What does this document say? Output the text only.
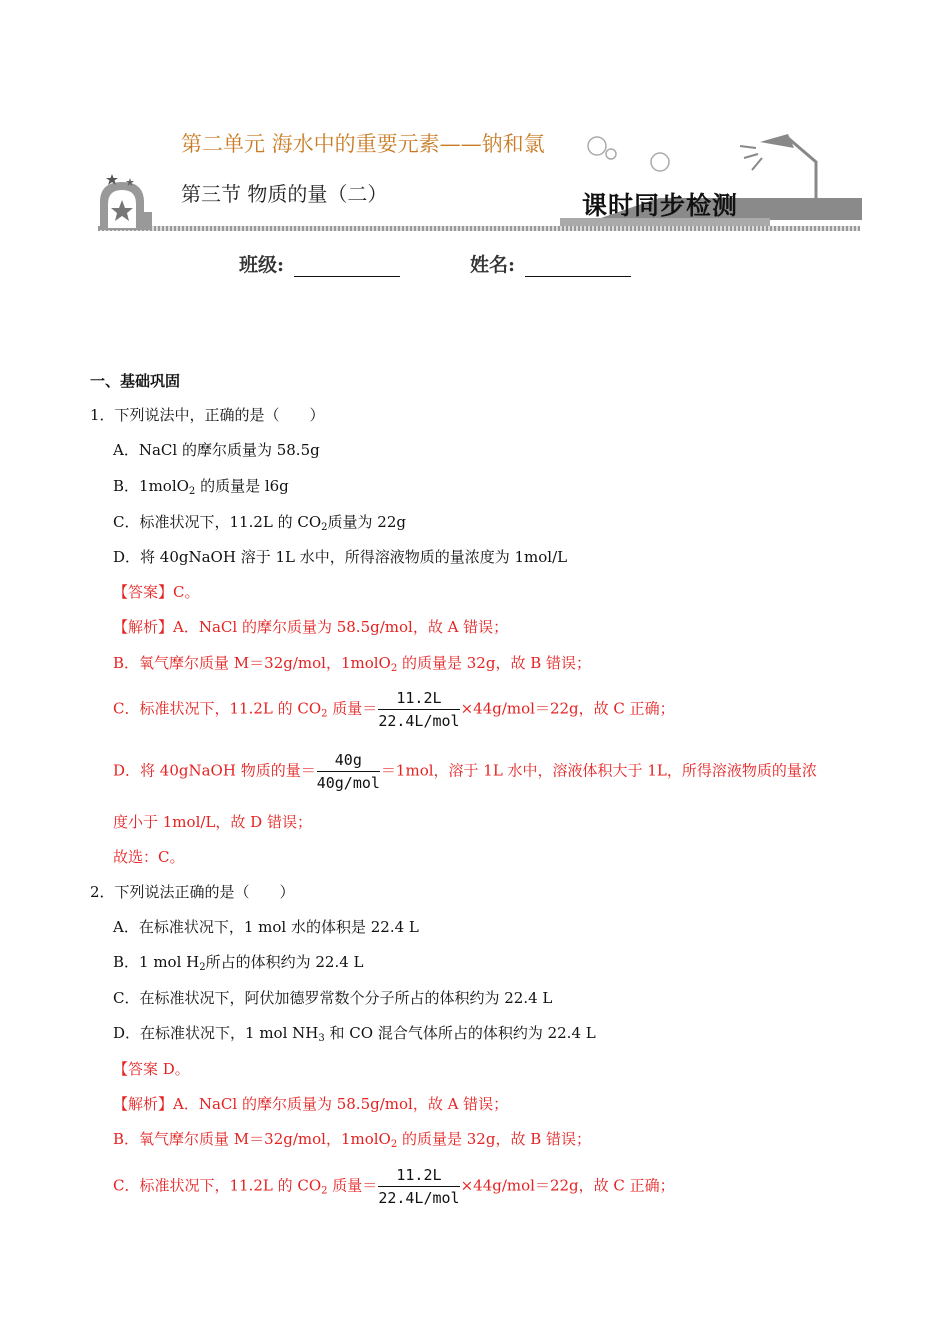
第二单元 海水中的重要元素——钠和氯
第三节 物质的量（二）	课时同步检测
班级:	姓名:
一、基础巩固
1．下列说法中，正确的是（　　）
A．NaCl 的摩尔质量为 58.5g
B．1molO$_2$ 的质量是 l6g
C．标准状况下，11.2L 的 $CO_2$质量为 22g
D．将 40gNaOH 溶于 1L 水中，所得溶液物质的量浓度为 1mol/L
【答案】C。
【解析】A．NaCl 的摩尔质量为 58.5g/mol，故 A 错误；
B．氧气摩尔质量 M＝32g/mol，1molO$_2$ 的质量是 32g，故 B 错误；
C．标准状况下，11.2L 的 $CO_2$ 质量＝ $\frac{11.2L}{\text{22.4L/mol}} \times 44g/mol=22g$，故 C 正确；
D．将 40gNaOH 物质的量＝ $\frac{40g}{\text{40g/mol}} =1mol$，溶于 1L 水中，溶液体积大于 1L，所得溶液物质的量浓
度小于 1mol/L，故 D 错误；
故选：C。
2．下列说法正确的是（　　）
A．在标准状况下，1 mol 水的体积是 22.4 L
B．1 mol $H_2$所占的体积约为 22.4 L
C．在标准状况下，阿伏加德罗常数个分子所占的体积约为 22.4 L
D．在标准状况下，1 mol $NH_3$ 和 CO 混合气体所占的体积约为 22.4 L
【答案 D。
【解析】A．NaCl 的摩尔质量为 58.5g/mol，故 A 错误；
B．氧气摩尔质量 M＝32g/mol，1molO$_2$ 的质量是 32g，故 B 错误；
C．标准状况下，11.2L 的 $CO_2$ 质量＝ $\frac{11.2L}{\text{22.4L/mol}} \times 44g/mol=22g$，故 C 正确；
